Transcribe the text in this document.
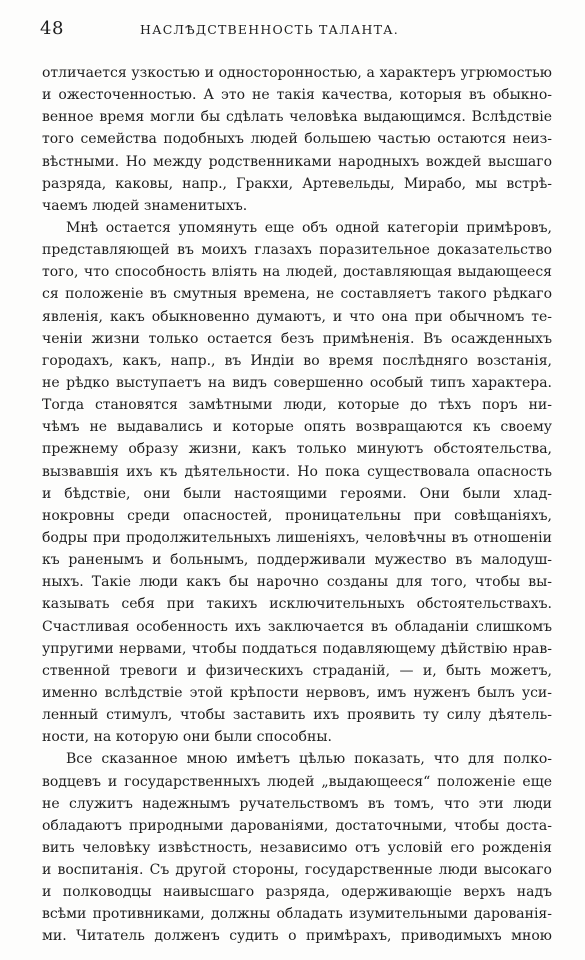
48	НАСЛѢДСТВЕННОСТЬ ТАЛАНТА.
отличается узкостью и односторонностью, а характеръ угрюмостью
и ожесточенностью. А это не такія качества, которыя въ обыкно-
венное время могли бы сдѣлать человѣка выдающимся. Вслѣдствіе
того семейства подобныхъ людей большею частью остаются неиз-
вѣстными. Но между родственниками народныхъ вождей высшаго
разряда, каковы, напр., Гракхи, Артевельды, Мирабо, мы встрѣ-
чаемъ людей знаменитыхъ.
Мнѣ остается упомянуть еще объ одной категоріи примѣровъ,
представляющей въ моихъ глазахъ поразительное доказательство
того, что способность вліять на людей, доставляющая выдающееся
ся положеніе въ смутныя времена, не составляетъ такого рѣдкаго
явленія, какъ обыкновенно думаютъ, и что она при обычномъ те-
ченіи жизни только остается безъ примѣненія. Въ осажденныхъ
городахъ, какъ, напр., въ Индіи во время послѣдняго возстанія,
не рѣдко выступаетъ на видъ совершенно особый типъ характера.
Тогда становятся замѣтными люди, которые до тѣхъ поръ ни-
чѣмъ не выдавались и которые опять возвращаются къ своему
прежнему образу жизни, какъ только минуютъ обстоятельства,
вызвавшія ихъ къ дѣятельности. Но пока существовала опасность
и бѣдствіе, они были настоящими героями. Они были хлад-
нокровны среди опасностей, проницательны при совѣщаніяхъ,
бодры при продолжительныхъ лишеніяхъ, человѣчны въ отношеніи
къ раненымъ и больнымъ, поддерживали мужество въ малодуш-
ныхъ. Такіе люди какъ бы нарочно созданы для того, чтобы вы-
казывать себя при такихъ исключительныхъ обстоятельствахъ.
Счастливая особенность ихъ заключается въ обладаніи слишкомъ
упругими нервами, чтобы поддаться подавляющему дѣйствію нрав-
ственной тревоги и физическихъ страданій, — и, быть можетъ,
именно вслѣдствіе этой крѣпости нервовъ, имъ нуженъ былъ уси-
ленный стимулъ, чтобы заставить ихъ проявить ту силу дѣятель-
ности, на которую они были способны.
Все сказанное мною имѣетъ цѣлью показать, что для полко-
водцевъ и государственныхъ людей „выдающееся“ положеніе еще
не служитъ надежнымъ ручательствомъ въ томъ, что эти люди
обладаютъ природными дарованіями, достаточными, чтобы доста-
вить человѣку извѣстность, независимо отъ условій его рожденія
и воспитанія. Съ другой стороны, государственные люди высокаго
и полководцы наивысшаго разряда, одерживающіе верхъ надъ
всѣми противниками, должны обладать изумительными дарованія-
ми. Читатель долженъ судить о примѣрахъ, приводимыхъ мною
